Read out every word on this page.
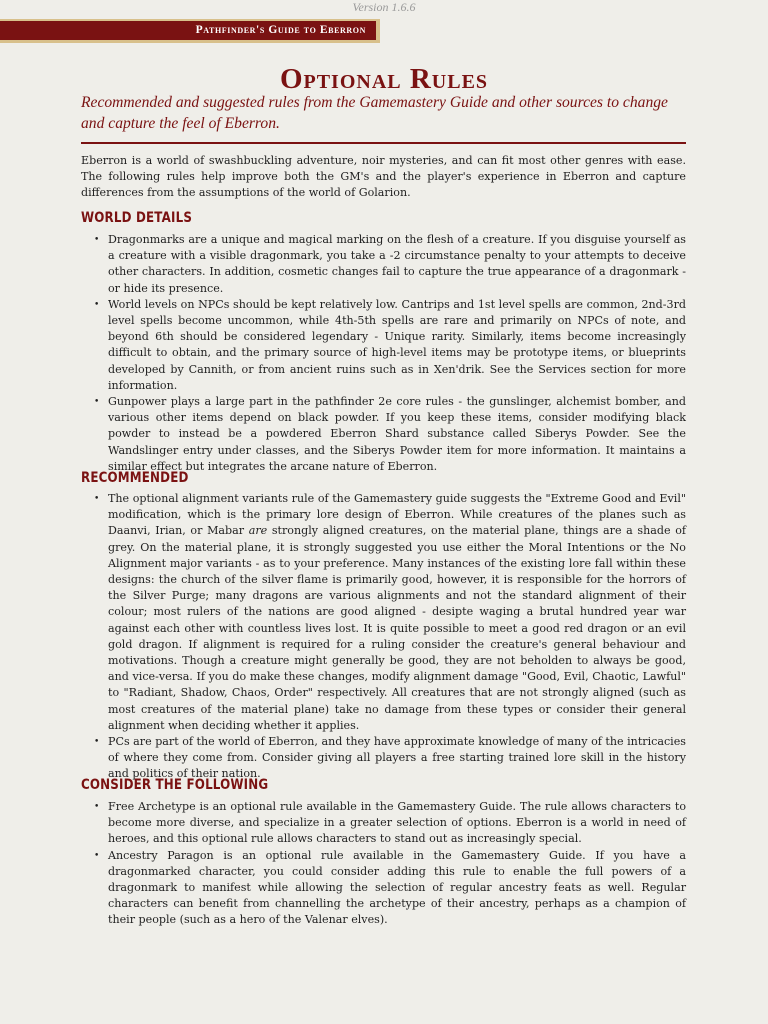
Version 1.6.6
Pathfinder's Guide to Eberron
Optional Rules
Recommended and suggested rules from the Gamemastery Guide and other sources to change and capture the feel of Eberron.
Eberron is a world of swashbuckling adventure, noir mysteries, and can fit most other genres with ease. The following rules help improve both the GM's and the player's experience in Eberron and capture differences from the assumptions of the world of Golarion.
WORLD DETAILS
• Dragonmarks are a unique and magical marking on the flesh of a creature. If you disguise yourself as a creature with a visible dragonmark, you take a -2 circumstance penalty to your attempts to deceive other characters. In addition, cosmetic changes fail to capture the true appearance of a dragonmark - or hide its presence.
• World levels on NPCs should be kept relatively low. Cantrips and 1st level spells are common, 2nd-3rd level spells become uncommon, while 4th-5th spells are rare and primarily on NPCs of note, and beyond 6th should be considered legendary - Unique rarity. Similarly, items become increasingly difficult to obtain, and the primary source of high-level items may be prototype items, or blueprints developed by Cannith, or from ancient ruins such as in Xen'drik. See the Services section for more information.
• Gunpower plays a large part in the pathfinder 2e core rules - the gunslinger, alchemist bomber, and various other items depend on black powder. If you keep these items, consider modifying black powder to instead be a powdered Eberron Shard substance called Siberys Powder. See the Wandslinger entry under classes, and the Siberys Powder item for more information. It maintains a similar effect but integrates the arcane nature of Eberron.
RECOMMENDED
• The optional alignment variants rule of the Gamemastery guide suggests the "Extreme Good and Evil" modification, which is the primary lore design of Eberron. While creatures of the planes such as Daanvi, Irian, or Mabar are strongly aligned creatures, on the material plane, things are a shade of grey. On the material plane, it is strongly suggested you use either the Moral Intentions or the No Alignment major variants - as to your preference. Many instances of the existing lore fall within these designs: the church of the silver flame is primarily good, however, it is responsible for the horrors of the Silver Purge; many dragons are various alignments and not the standard alignment of their colour; most rulers of the nations are good aligned - desipte waging a brutal hundred year war against each other with countless lives lost. It is quite possible to meet a good red dragon or an evil gold dragon. If alignment is required for a ruling consider the creature's general behaviour and motivations. Though a creature might generally be good, they are not beholden to always be good, and vice-versa. If you do make these changes, modify alignment damage "Good, Evil, Chaotic, Lawful" to "Radiant, Shadow, Chaos, Order" respectively. All creatures that are not strongly aligned (such as most creatures of the material plane) take no damage from these types or consider their general alignment when deciding whether it applies.
• PCs are part of the world of Eberron, and they have approximate knowledge of many of the intricacies of where they come from. Consider giving all players a free starting trained lore skill in the history and politics of their nation.
CONSIDER THE FOLLOWING
• Free Archetype is an optional rule available in the Gamemastery Guide. The rule allows characters to become more diverse, and specialize in a greater selection of options. Eberron is a world in need of heroes, and this optional rule allows characters to stand out as increasingly special.
• Ancestry Paragon is an optional rule available in the Gamemastery Guide. If you have a dragonmarked character, you could consider adding this rule to enable the full powers of a dragonmark to manifest while allowing the selection of regular ancestry feats as well. Regular characters can benefit from channelling the archetype of their ancestry, perhaps as a champion of their people (such as a hero of the Valenar elves).
